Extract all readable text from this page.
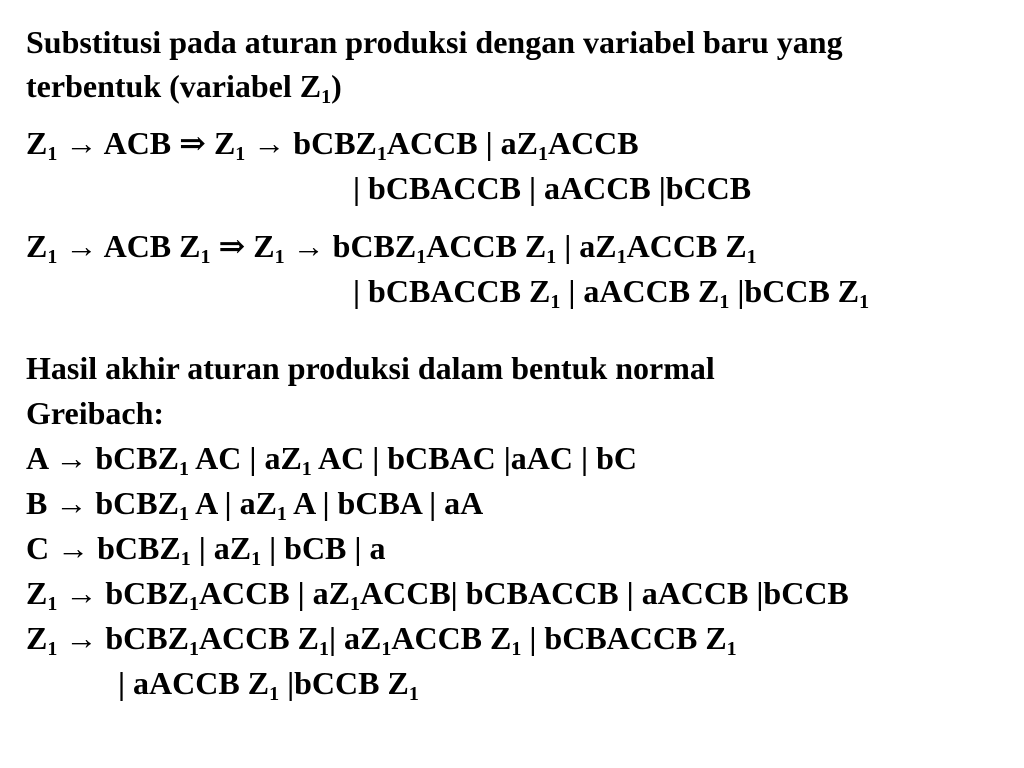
Substitusi pada aturan produksi dengan variabel baru yang
terbentuk (variabel $Z_1$)
$Z_1$ → ACB ⇒ $Z_1$ → bCBZ$_1$ACCB | $aZ_1ACCB$
| bCBACCB | aACCB |bCCB
$Z_1$ → ACB $Z_1$ ⇒ $Z_1$ → bCBZ$_1$ACCB $Z_1$ | $aZ_1ACCB$ $Z_1$
| bCBACCB $Z_1$ | aACCB $Z_1$ |bCCB $Z_1$
Hasil akhir aturan produksi dalam bentuk normal
Greibach:
A → bCBZ$_1$ AC | $aZ_1$ AC | bCBAC |aAC | bC
B → bCBZ$_1$ A | $aZ_1$ A | bCBA | aA
C → bCBZ$_1$ | $aZ_1$ | bCB | a
$Z_1$ → bCBZ$_1$ACCB | $aZ_1ACCB|$ bCBACCB | aACCB |bCCB
$Z_1$ → bCBZ$_1$ACCB $Z_1|$ $aZ_1ACCB$ $Z_1$ | bCBACCB $Z_1$
| aACCB $Z_1$ |bCCB $Z_1$
